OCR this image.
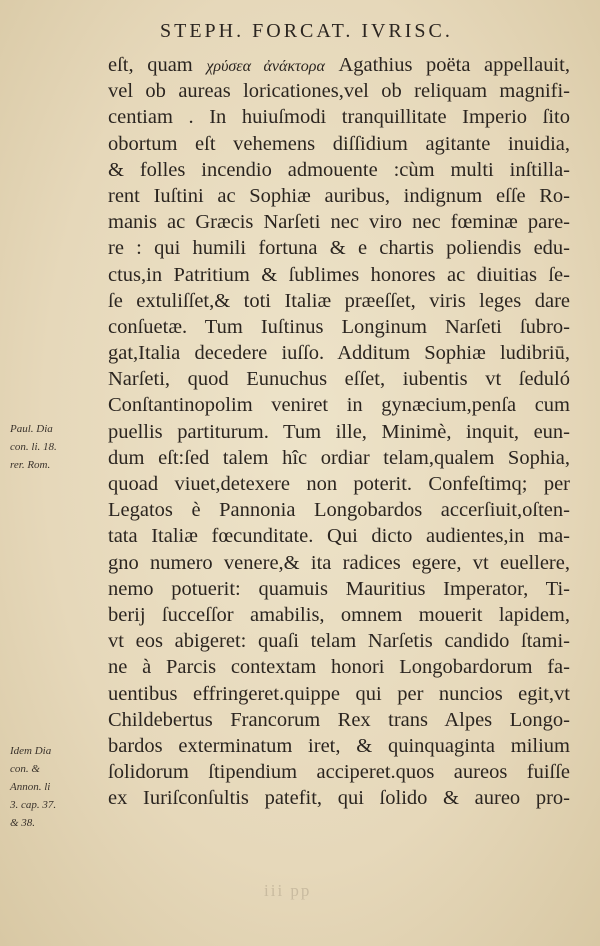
STEPH. FORCAT. IVRISC.
eſt, quam χρύσεα ἀνάκτορα Agathius poëta appellauit,
vel ob aureas loricationes,vel ob reliquam magnifi-
centiam . In huiuſmodi tranquillitate Imperio ſito
obortum eſt vehemens diſſidium agitante inuidia,
& folles incendio admouente :cùm multi inſtilla-
rent Iuſtini ac Sophiæ auribus, indignum eſſe Ro-
manis ac Græcis Narſeti nec viro nec fœminæ pare-
re : qui humili fortuna & e chartis poliendis edu-
ctus,in Patritium & ſublimes honores ac diuitias ſe-
ſe extuliſſet,& toti Italiæ præeſſet, viris leges dare
conſuetæ. Tum Iuſtinus Longinum Narſeti ſubro-
gat,Italia decedere iuſſo. Additum Sophiæ ludibriū,
Narſeti, quod Eunuchus eſſet, iubentis vt ſeduló
Conſtantinopolim veniret in gynæcium,penſa cum
puellis partiturum. Tum ille, Minimè, inquit, eun-
dum eſt:ſed talem hîc ordiar telam,qualem Sophia,
quoad viuet,detexere non poterit. Confeſtimq; per
Legatos è Pannonia Longobardos accerſiuit,oſten-
tata Italiæ fœcunditate. Qui dicto audientes,in ma-
gno numero venere,& ita radices egere, vt euellere,
nemo potuerit: quamuis Mauritius Imperator, Ti-
berij ſucceſſor amabilis, omnem mouerit lapidem,
vt eos abigeret: quaſi telam Narſetis candido ſtami-
ne à Parcis contextam honori Longobardorum fa-
uentibus effringeret.quippe qui per nuncios egit,vt
Childebertus Francorum Rex trans Alpes Longo-
bardos exterminatum iret, & quinquaginta milium
ſolidorum ſtipendium acciperet.quos aureos fuiſſe
ex Iuriſconſultis patefit, qui ſolido & aureo pro-
Paul. Dia
con. li. 18.
rer. Rom.
Idem Dia
con. &
Annon. li
3. cap. 37.
& 38.
iii pp
